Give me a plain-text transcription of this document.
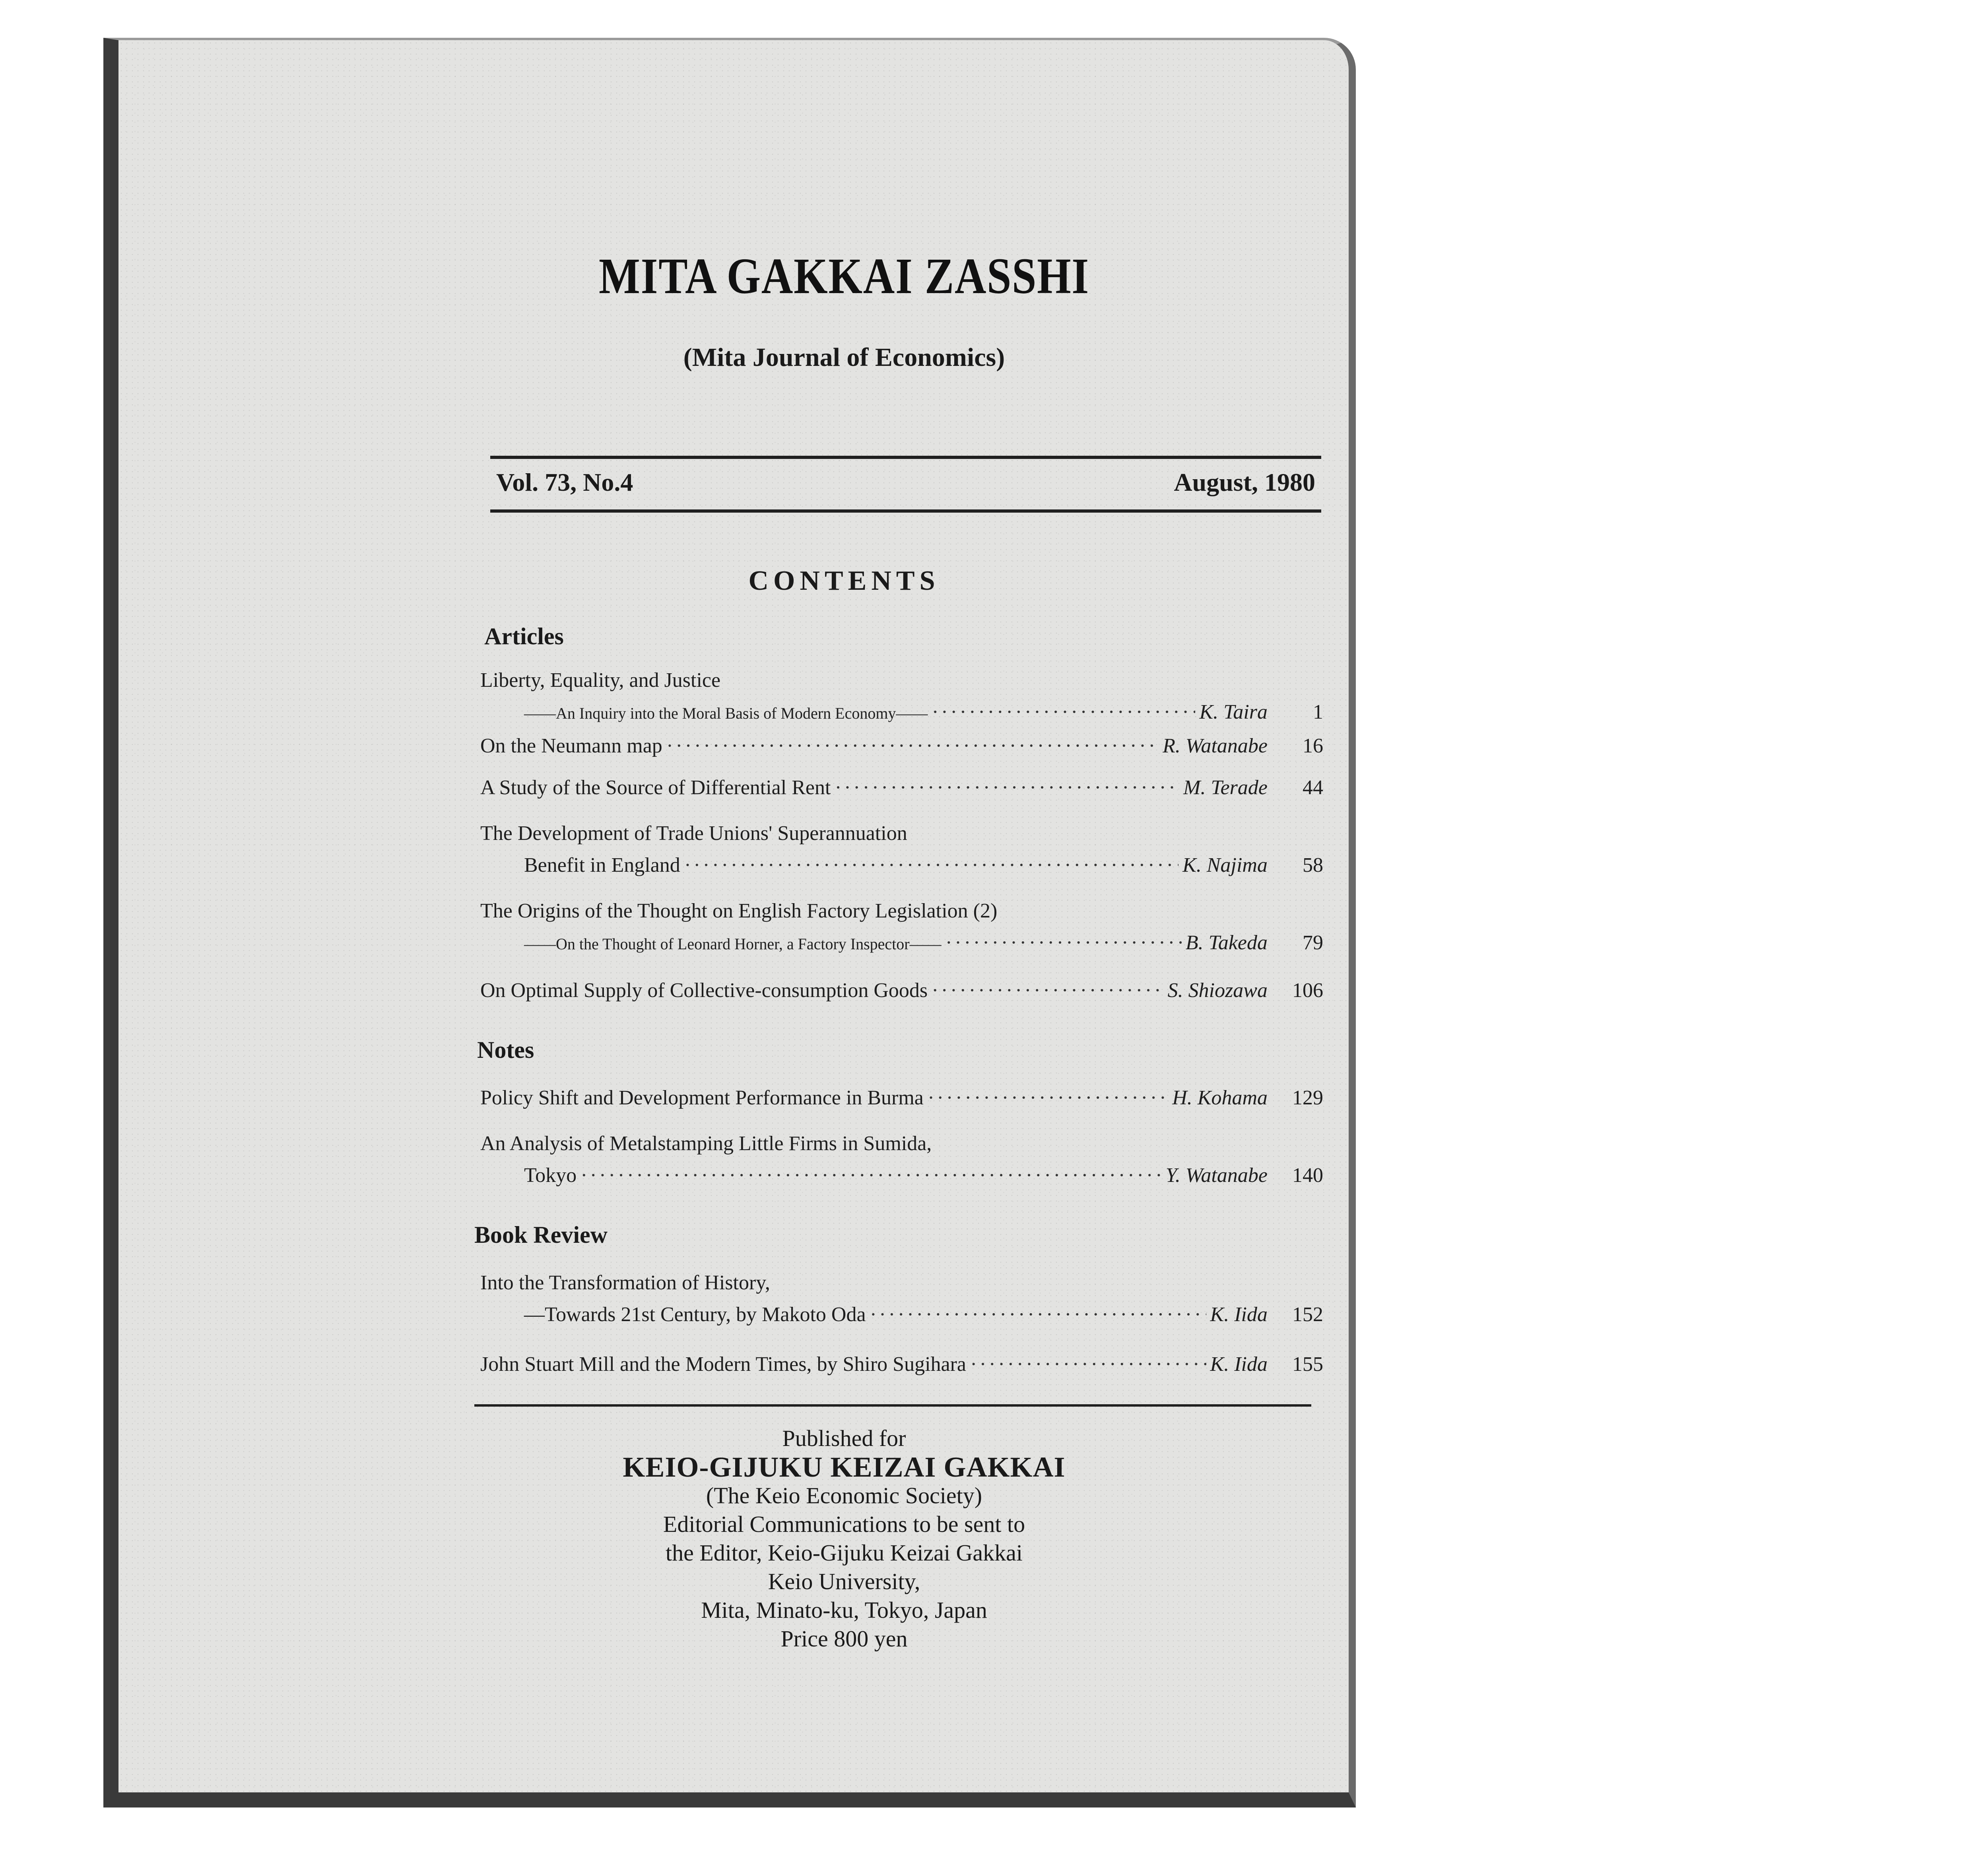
MITA GAKKAI ZASSHI

(Mita Journal of Economics)

Vol. 73, No.4	August, 1980
CONTENTS
Articles
Liberty, Equality, and Justice
——An Inquiry into the Moral Basis of Modern Economy—— ·····	K. Taira	1
On the Neumann map ·····	R. Watanabe	16
A Study of the Source of Differential Rent ·····	M. Terade	44
The Development of Trade Unions' Superannuation
Benefit in England ·····	K. Najima	58
The Origins of the Thought on English Factory Legislation (2)
——On the Thought of Leonard Horner, a Factory Inspector—— ·····	B. Takeda	79
On Optimal Supply of Collective-consumption Goods ·····	S. Shiozawa	106
Notes
Policy Shift and Development Performance in Burma ·····	H. Kohama	129
An Analysis of Metalstamping Little Firms in Sumida,
Tokyo ·····	Y. Watanabe	140
Book Review
Into the Transformation of History,
—Towards 21st Century, by Makoto Oda ·····	K. Iida	152
John Stuart Mill and the Modern Times, by Shiro Sugihara ·····	K. Iida	155
Published for
KEIO-GIJUKU KEIZAI GAKKAI
(The Keio Economic Society)
Editorial Communications to be sent to
the Editor, Keio-Gijuku Keizai Gakkai
Keio University,
Mita, Minato-ku, Tokyo, Japan
Price 800 yen
